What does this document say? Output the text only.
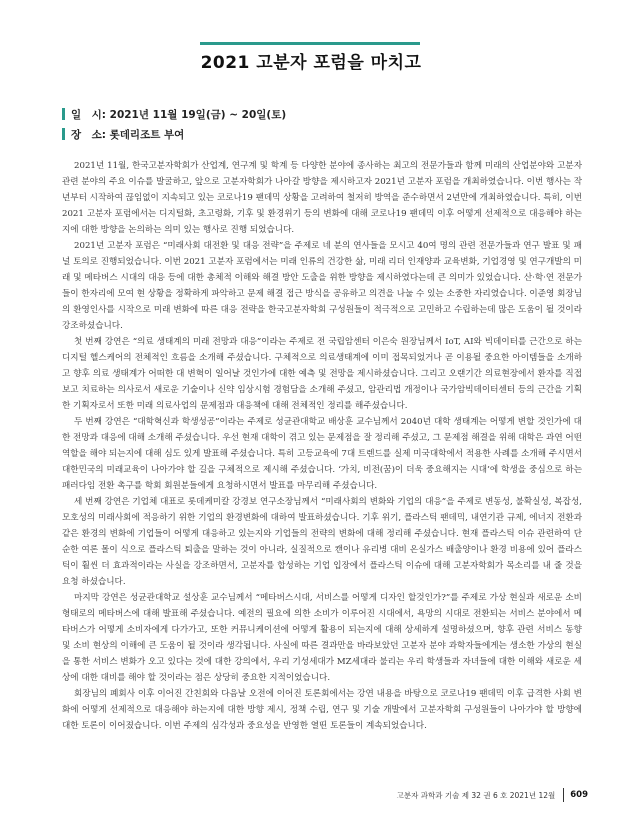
2021 고분자 포럼을 마치고
일　시: 2021년 11월 19일(금) ~ 20일(토)
장　소: 롯데리조트 부여

2021년 11월, 한국고분자학회가 산업계, 연구계 및 학계 등 다양한 분야에 종사하는 최고의 전문가들과 함께 미래의 산업분야와 고분자 관련 분야의 주요 이슈를 발굴하고, 앞으로 고분자학회가 나아갈 방향을 제시하고자 2021년 고분자 포럼을 개최하였습니다. 이번 행사는 작년부터 시작하여 끊임없이 지속되고 있는 코로나19 팬데믹 상황을 고려하여 철저히 방역을 준수하면서 2년만에 개최하였습니다. 특히, 이번 2021 고분자 포럼에서는 디지털화, 초고령화, 기후 및 환경위기 등의 변화에 대해 코로나19 팬데믹 이후 어떻게 선제적으로 대응해야 하는지에 대한 방향을 논의하는 의미 있는 행사로 진행 되었습니다.

2021년 고분자 포럼은 “미래사회 대전환 및 대응 전략”을 주제로 네 분의 연사들을 모시고 40여 명의 관련 전문가들과 연구 발표 및 패널 토의로 진행되었습니다. 이번 2021 고분자 포럼에서는 미래 인류의 건강한 삶, 미래 리더 인재양과 교육변화, 기업경영 및 연구개발의 미래 및 메타버스 시대의 대응 등에 대한 총체적 이해와 해결 방안 도출을 위한 방향을 제시하였다는데 큰 의미가 있었습니다. 산·학·연 전문가들이 한자리에 모여 현 상황을 정확하게 파악하고 문제 해결 접근 방식을 공유하고 의견을 나눌 수 있는 소중한 자리였습니다. 이준영 회장님의 환영인사를 시작으로 미래 변화에 따른 대응 전략을 한국고분자학회 구성원들이 적극적으로 고민하고 수립하는데 많은 도움이 될 것이라 강조하셨습니다.

첫 번째 강연은 “의료 생태계의 미래 전망과 대응”이라는 주제로 전 국립암센터 이은숙 원장님께서 IoT, AI와 빅데이터를 근간으로 하는 디지털 헬스케어의 전체적인 흐름을 소개해 주셨습니다. 구체적으로 의료생태계에 이미 접목되었거나 곧 이용될 중요한 아이템들을 소개하고 향후 의료 생태계가 어떠한 대 변혁이 일어날 것인가에 대한 예측 및 전망을 제시하셨습니다. 그리고 오랜기간 의료현장에서 환자를 직접 보고 치료하는 의사로서 새로운 기술이나 신약 임상시험 경험담을 소개해 주셨고, 암관리법 개정이나 국가암빅데이터센터 등의 근간을 기획한 기획자로서 또한 미래 의료사업의 문제점과 대응책에 대해 전체적인 정리를 해주셨습니다.

두 번째 강연은 “대학혁신과 학생성공”이라는 주제로 성균관대학교 배상훈 교수님께서 2040년 대학 생태계는 어떻게 변할 것인가에 대한 전망과 대응에 대해 소개해 주셨습니다. 우선 현재 대학이 겪고 있는 문제점을 잘 정리해 주셨고, 그 문제점 해결을 위해 대학은 과연 어떤 역할을 해야 되는지에 대해 심도 있게 발표해 주셨습니다. 특히 고등교육에 7대 트렌드를 실제 미국대학에서 적용한 사례를 소개해 주시면서 대한민국의 미래교육이 나아가야 할 길을 구체적으로 제시해 주셨습니다. ‘가치, 비전(꿈)이 더욱 중요해지는 시대’에 학생을 중심으로 하는 패러다임 전환 촉구를 학회 회원분들에게 요청하시면서 발표를 마무리해 주셨습니다.

세 번째 강연은 기업체 대표로 롯데케미칼 강경보 연구소장님께서 “미래사회의 변화와 기업의 대응”을 주제로 변동성, 불확실성, 복잡성, 모호성의 미래사회에 적응하기 위한 기업의 환경변화에 대하여 발표하셨습니다. 기후 위기, 플라스틱 팬데믹, 내연기관 규제, 에너지 전환과 같은 환경의 변화에 기업들이 어떻게 대응하고 있는지와 기업들의 전략의 변화에 대해 정리해 주셨습니다. 현재 플라스틱 이슈 관련하여 단순한 여론 몰이 식으로 플라스틱 퇴출을 말하는 것이 아니라, 실질적으로 캔이나 유리병 대비 온실가스 배출양이나 환경 비용에 있어 플라스틱이 훨씬 더 효과적이라는 사실을 강조하면서, 고분자를 합성하는 기업 입장에서 플라스틱 이슈에 대해 고분자학회가 목소리를 내 줄 것을 요청 하셨습니다.

마지막 강연은 성균관대학교 설상훈 교수님께서 “메타버스시대, 서비스를 어떻게 디자인 할것인가?”를 주제로 가상 현실과 새로운 소비 형태로의 메타버스에 대해 발표해 주셨습니다. 예전의 필요에 의한 소비가 이루어진 시대에서, 욕망의 시대로 전환되는 서비스 분야에서 메타버스가 어떻게 소비자에게 다가가고, 또한 커뮤니케이션에 어떻게 활용이 되는지에 대해 상세하게 설명하셨으며, 향후 관련 서비스 동향 및 소비 현상의 이해에 큰 도움이 될 것이라 생각됩니다. 사실에 따른 결과만을 바라보았던 고분자 분야 과학자들에게는 생소한 가상의 현실을 통한 서비스 변화가 오고 있다는 것에 대한 강의에서, 우리 기성세대가 MZ세대라 불리는 우리 학생들과 자녀들에 대한 이해와 새로운 세상에 대한 대비를 해야 할 것이라는 점은 상당히 중요한 지적이었습니다.

회장님의 폐회사 이후 이어진 간친회와 다음날 오전에 이어진 토론회에서는 강연 내용을 바탕으로 코로나19 팬데믹 이후 급격한 사회 변화에 어떻게 선제적으로 대응해야 하는지에 대한 방향 제시, 정책 수립, 연구 및 기술 개발에서 고분자학회 구성원들이 나아가야 할 방향에 대한 토론이 이어졌습니다. 이번 주제의 심각성과 중요성을 반영한 열띤 토론들이 계속되었습니다.

고분자 과학과 기술 제 32 권 6 호 2021년 12월 609
